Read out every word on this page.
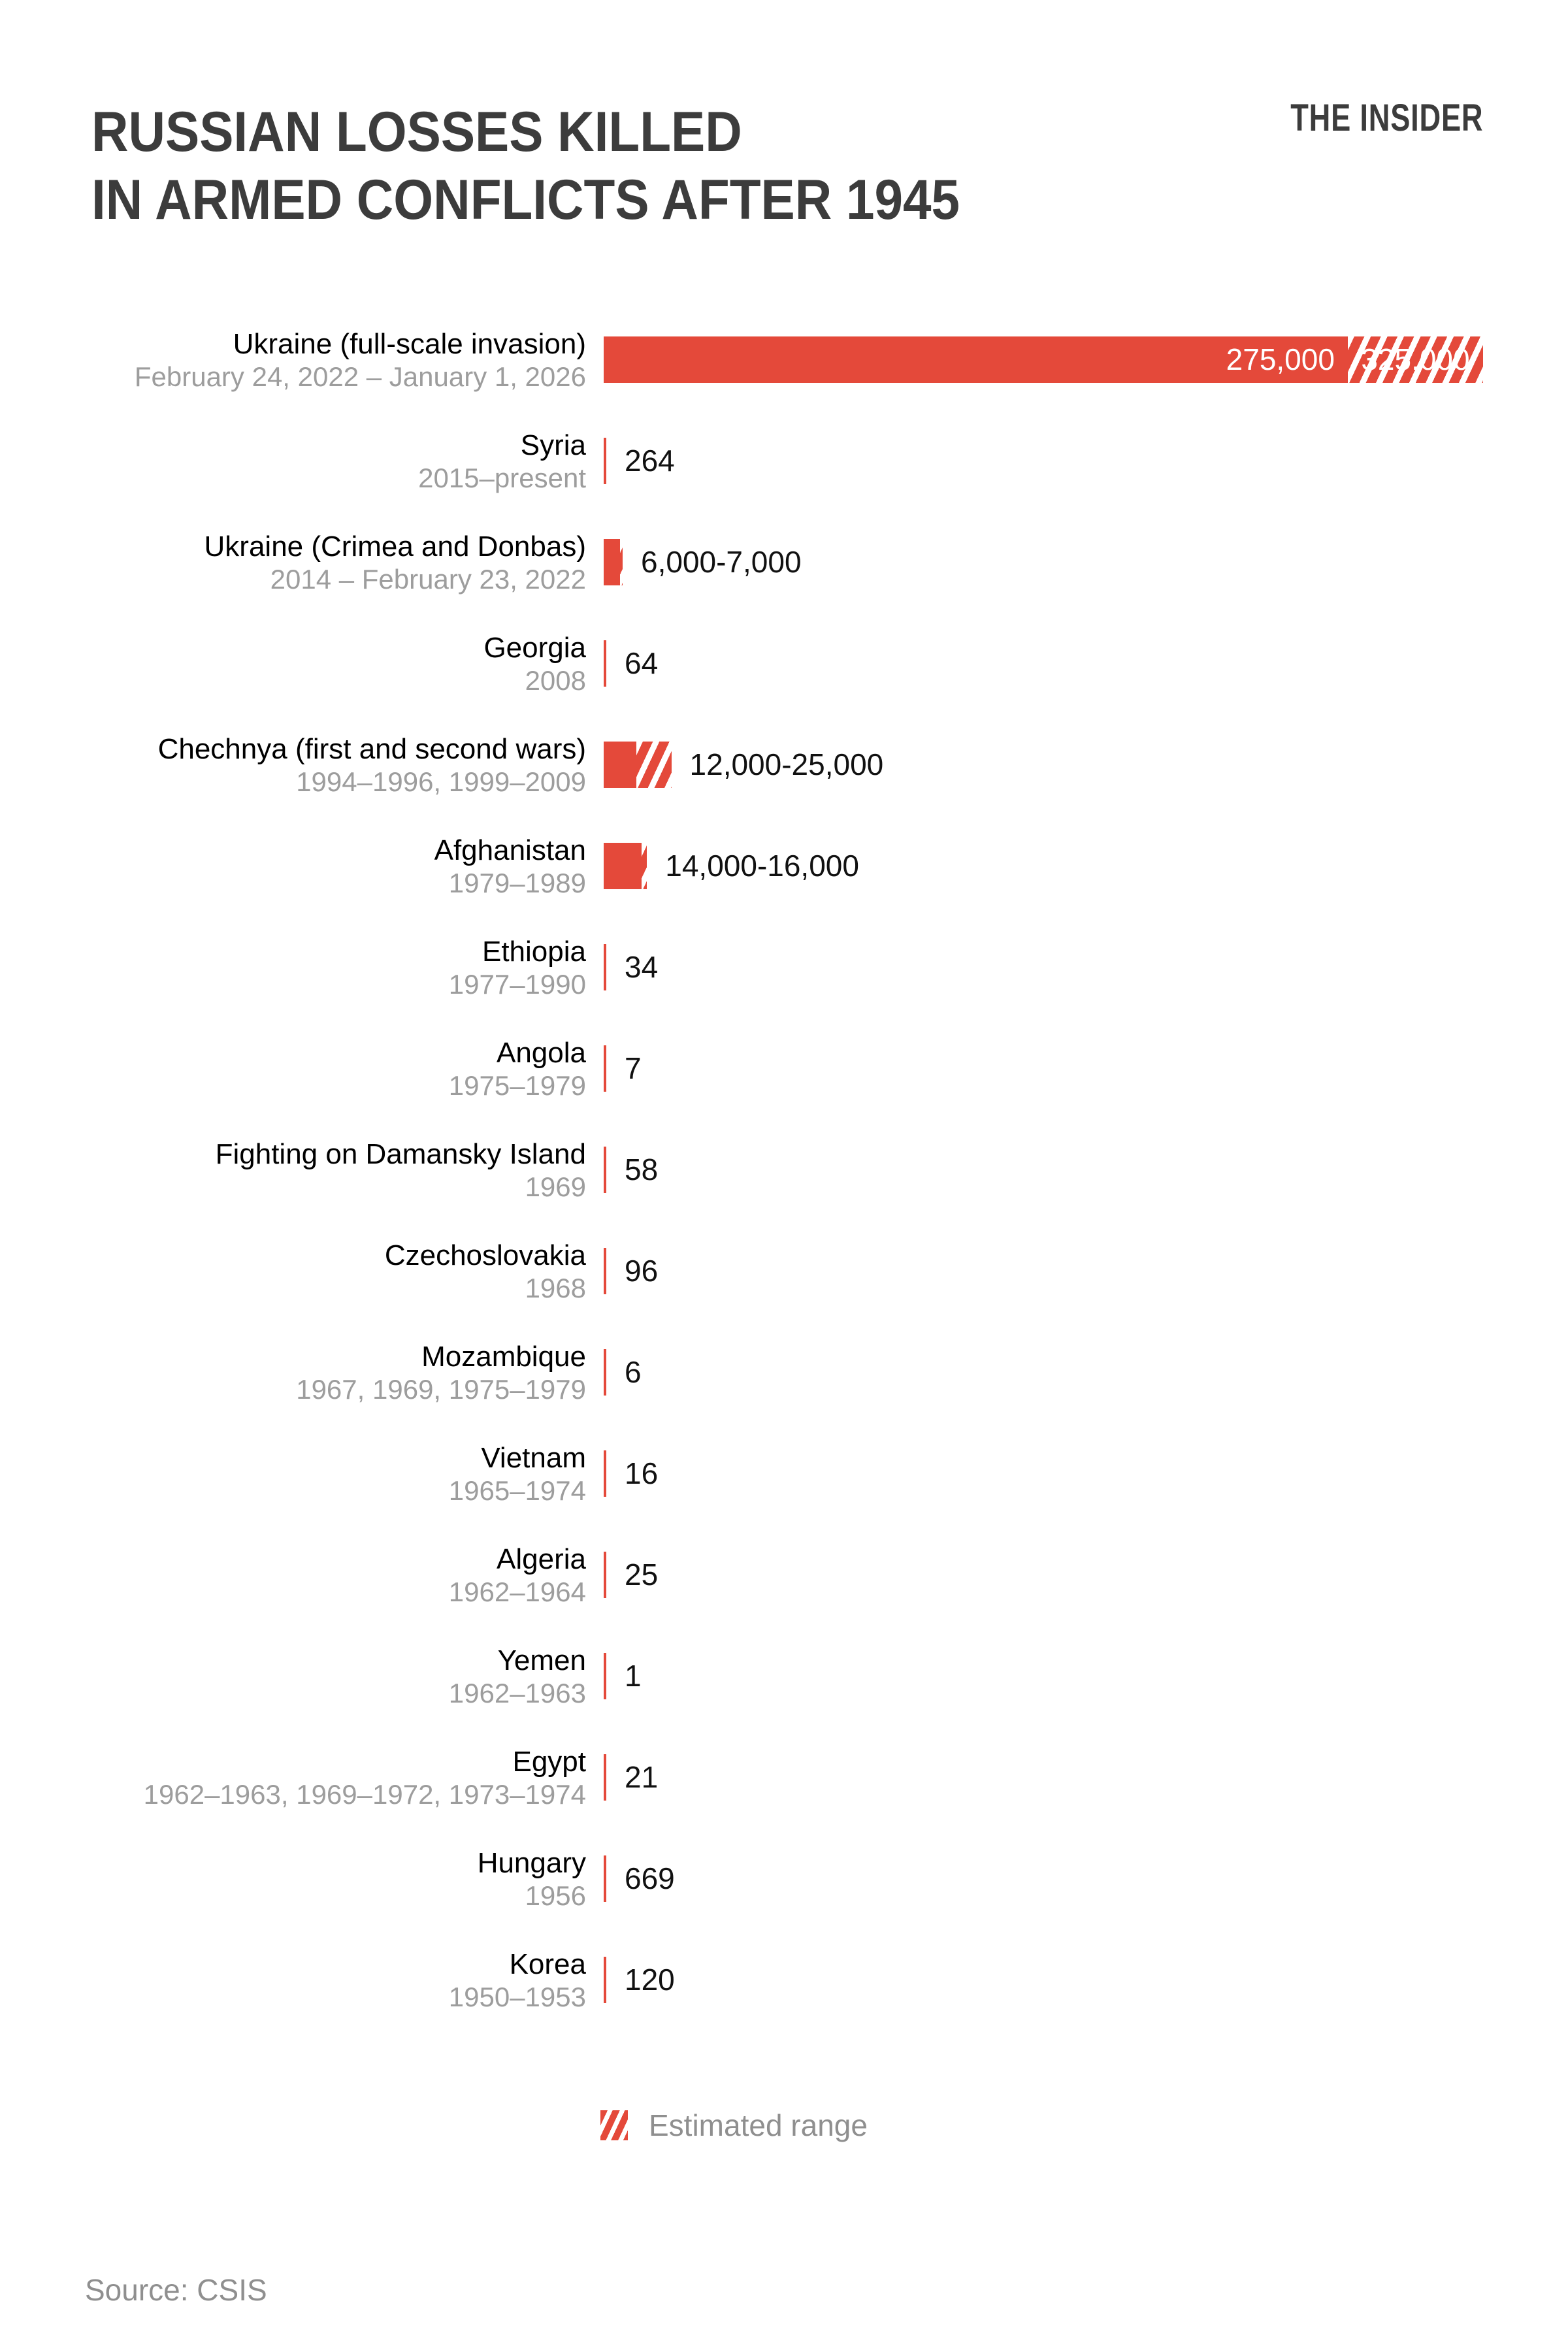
RUSSIAN LOSSES KILLED
IN ARMED CONFLICTS AFTER 1945
THE INSIDER
Ukraine (full-scale invasion)
February 24, 2022 – January 1, 2026	275,000 325,000
Syria
2015–present 264
Ukraine (Crimea and Donbas)
2014 – February 23, 2022 6,000-7,000
Georgia
2008 64
Chechnya (first and second wars)
1994–1996, 1999–2009	12,000-25,000
Afghanistan
1979–1989	14,000-16,000
Ethiopia
1977–1990 34
Angola
1975–1979 7
Fighting on Damansky Island
1969 58
Czechoslovakia
1968 96
Mozambique
1967, 1969, 1975–1979 6
Vietnam
1965–1974 16
Algeria
1962–1964 25
Yemen
1962–1963 1
Egypt
1962–1963, 1969–1972, 1973–1974 21
Hungary
1956 669
Korea
1950–1953 120
Estimated range
Source: CSIS
